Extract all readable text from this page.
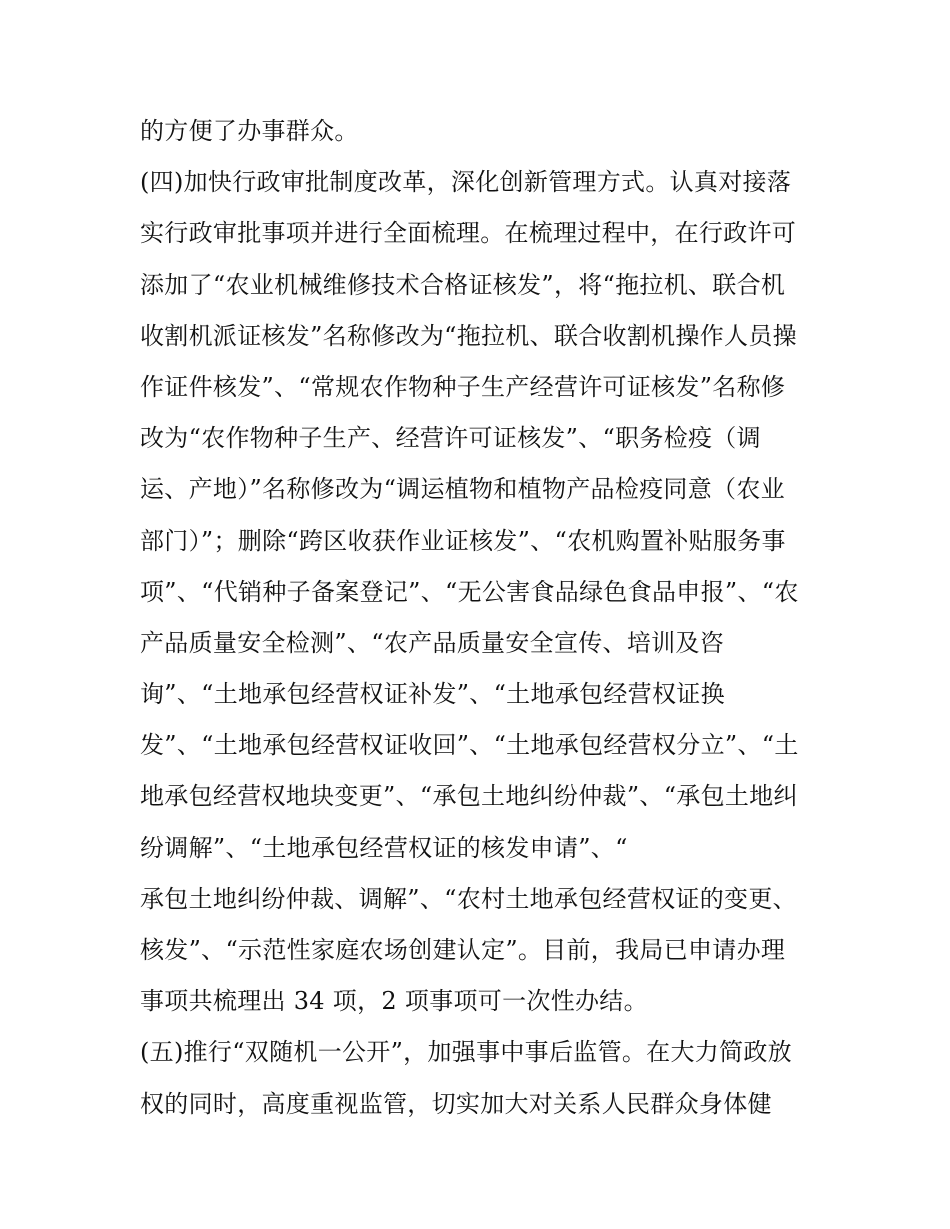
的方便了办事群众。
(四)加快行政审批制度改革，深化创新管理方式。认真对接落
实行政审批事项并进行全面梳理。在梳理过程中，在行政许可
添加了“农业机械维修技术合格证核发”，将“拖拉机、联合机
收割机派证核发”名称修改为“拖拉机、联合收割机操作人员操
作证件核发”、“常规农作物种子生产经营许可证核发”名称修
改为“农作物种子生产、经营许可证核发”、“职务检疫（调
运、产地）”名称修改为“调运植物和植物产品检疫同意（农业
部门）”；删除“跨区收获作业证核发”、“农机购置补贴服务事
项”、“代销种子备案登记”、“无公害食品绿色食品申报”、“农
产品质量安全检测”、“农产品质量安全宣传、培训及咨
询”、“土地承包经营权证补发”、“土地承包经营权证换
发”、“土地承包经营权证收回”、“土地承包经营权分立”、“土
地承包经营权地块变更”、“承包土地纠纷仲裁”、“承包土地纠
纷调解”、“土地承包经营权证的核发申请”、“
承包土地纠纷仲裁、调解”、“农村土地承包经营权证的变更、
核发”、“示范性家庭农场创建认定”。目前，我局已申请办理
事项共梳理出 34 项，2 项事项可一次性办结。
(五)推行“双随机一公开”，加强事中事后监管。在大力简政放
权的同时，高度重视监管，切实加大对关系人民群众身体健
